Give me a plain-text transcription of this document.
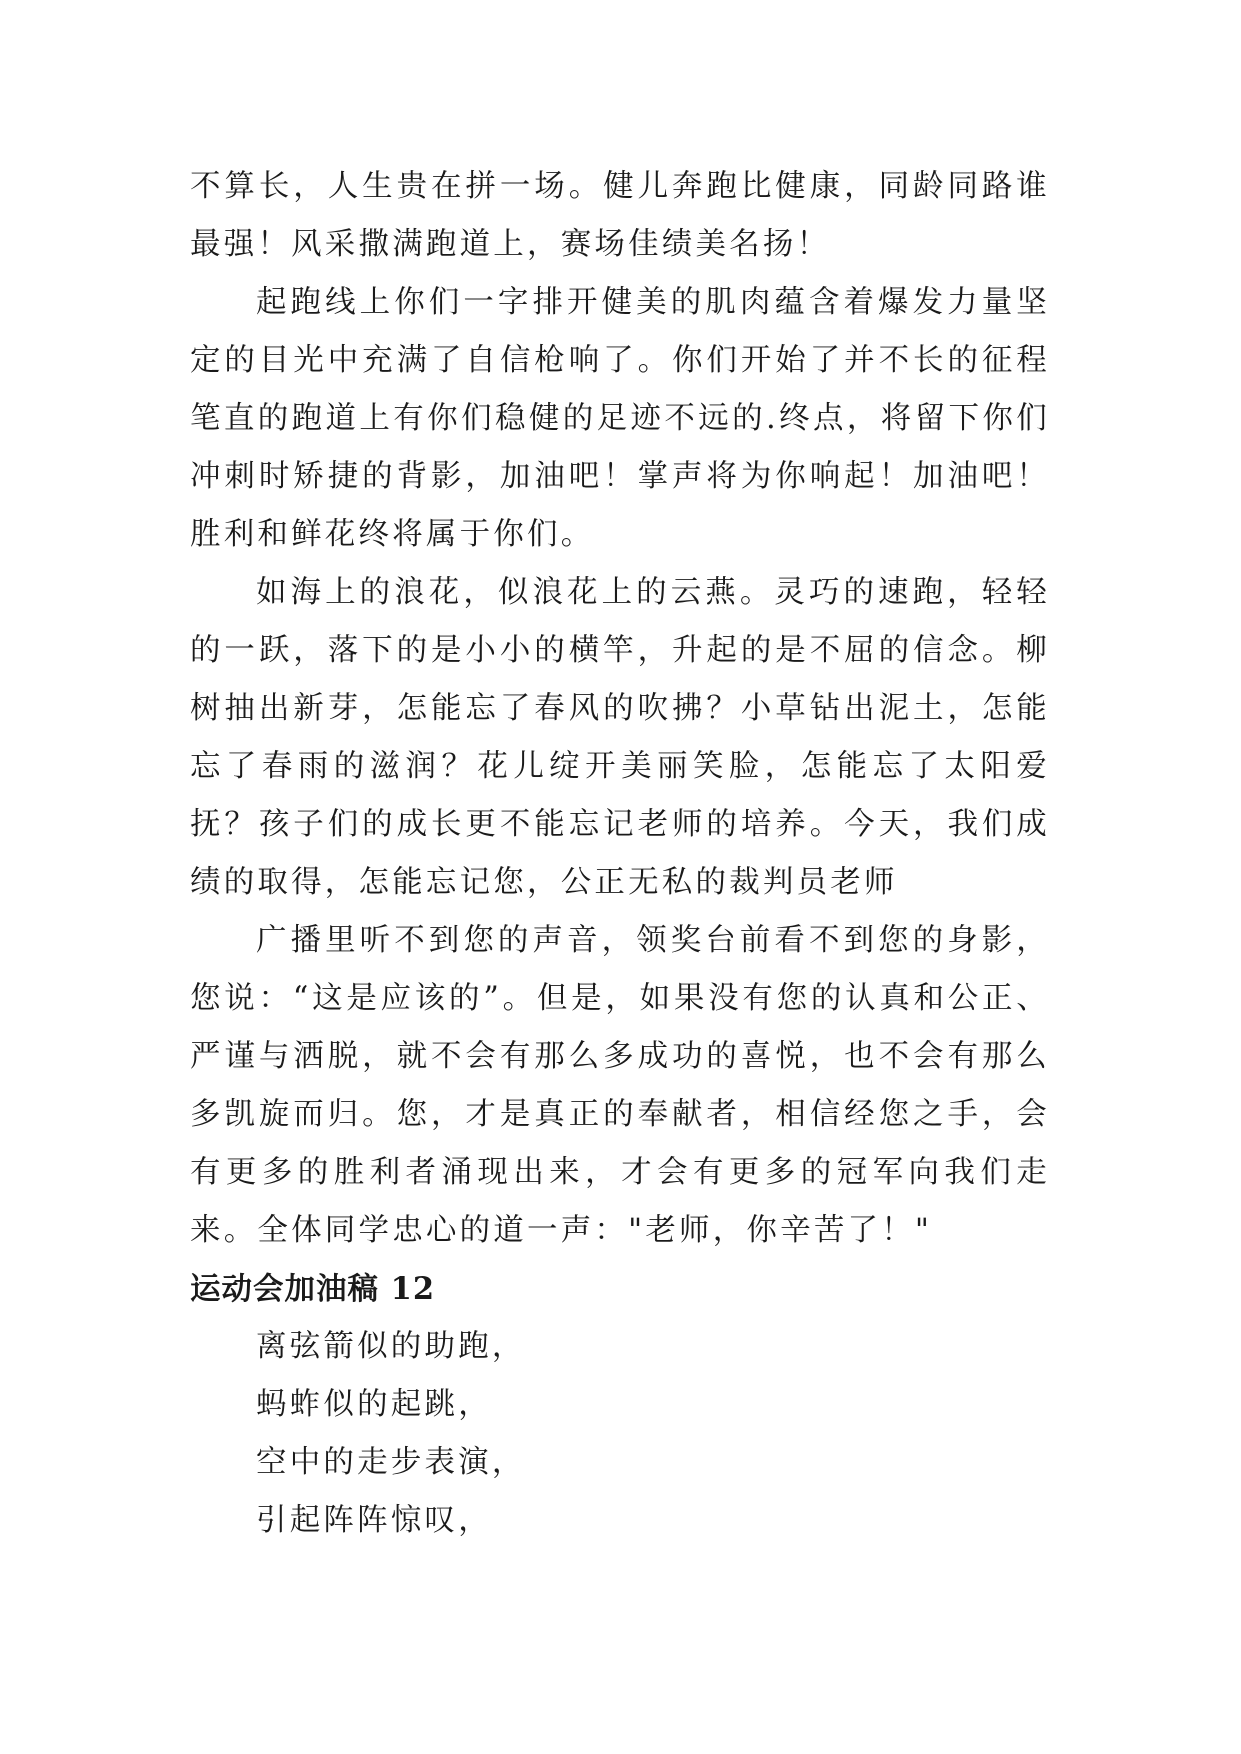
不算长，人生贵在拼一场。健儿奔跑比健康，同龄同路谁最强！风采撒满跑道上，赛场佳绩美名扬！

起跑线上你们一字排开健美的肌肉蕴含着爆发力量坚定的目光中充满了自信枪响了。你们开始了并不长的征程笔直的跑道上有你们稳健的足迹不远的.终点，将留下你们冲刺时矫捷的背影，加油吧！掌声将为你响起！加油吧！胜利和鲜花终将属于你们。

如海上的浪花，似浪花上的云燕。灵巧的速跑，轻轻的一跃，落下的是小小的横竿，升起的是不屈的信念。柳树抽出新芽，怎能忘了春风的吹拂？小草钻出泥土，怎能忘了春雨的滋润？花儿绽开美丽笑脸，怎能忘了太阳爱抚？孩子们的成长更不能忘记老师的培养。今天，我们成绩的取得，怎能忘记您，公正无私的裁判员老师

广播里听不到您的声音，领奖台前看不到您的身影，您说：“这是应该的”。但是，如果没有您的认真和公正、严谨与洒脱，就不会有那么多成功的喜悦，也不会有那么多凯旋而归。您，才是真正的奉献者，相信经您之手，会有更多的胜利者涌现出来，才会有更多的冠军向我们走来。全体同学忠心的道一声："老师，你辛苦了！"

运动会加油稿 12

离弦箭似的助跑，

蚂蚱似的起跳，

空中的走步表演，

引起阵阵惊叹，
